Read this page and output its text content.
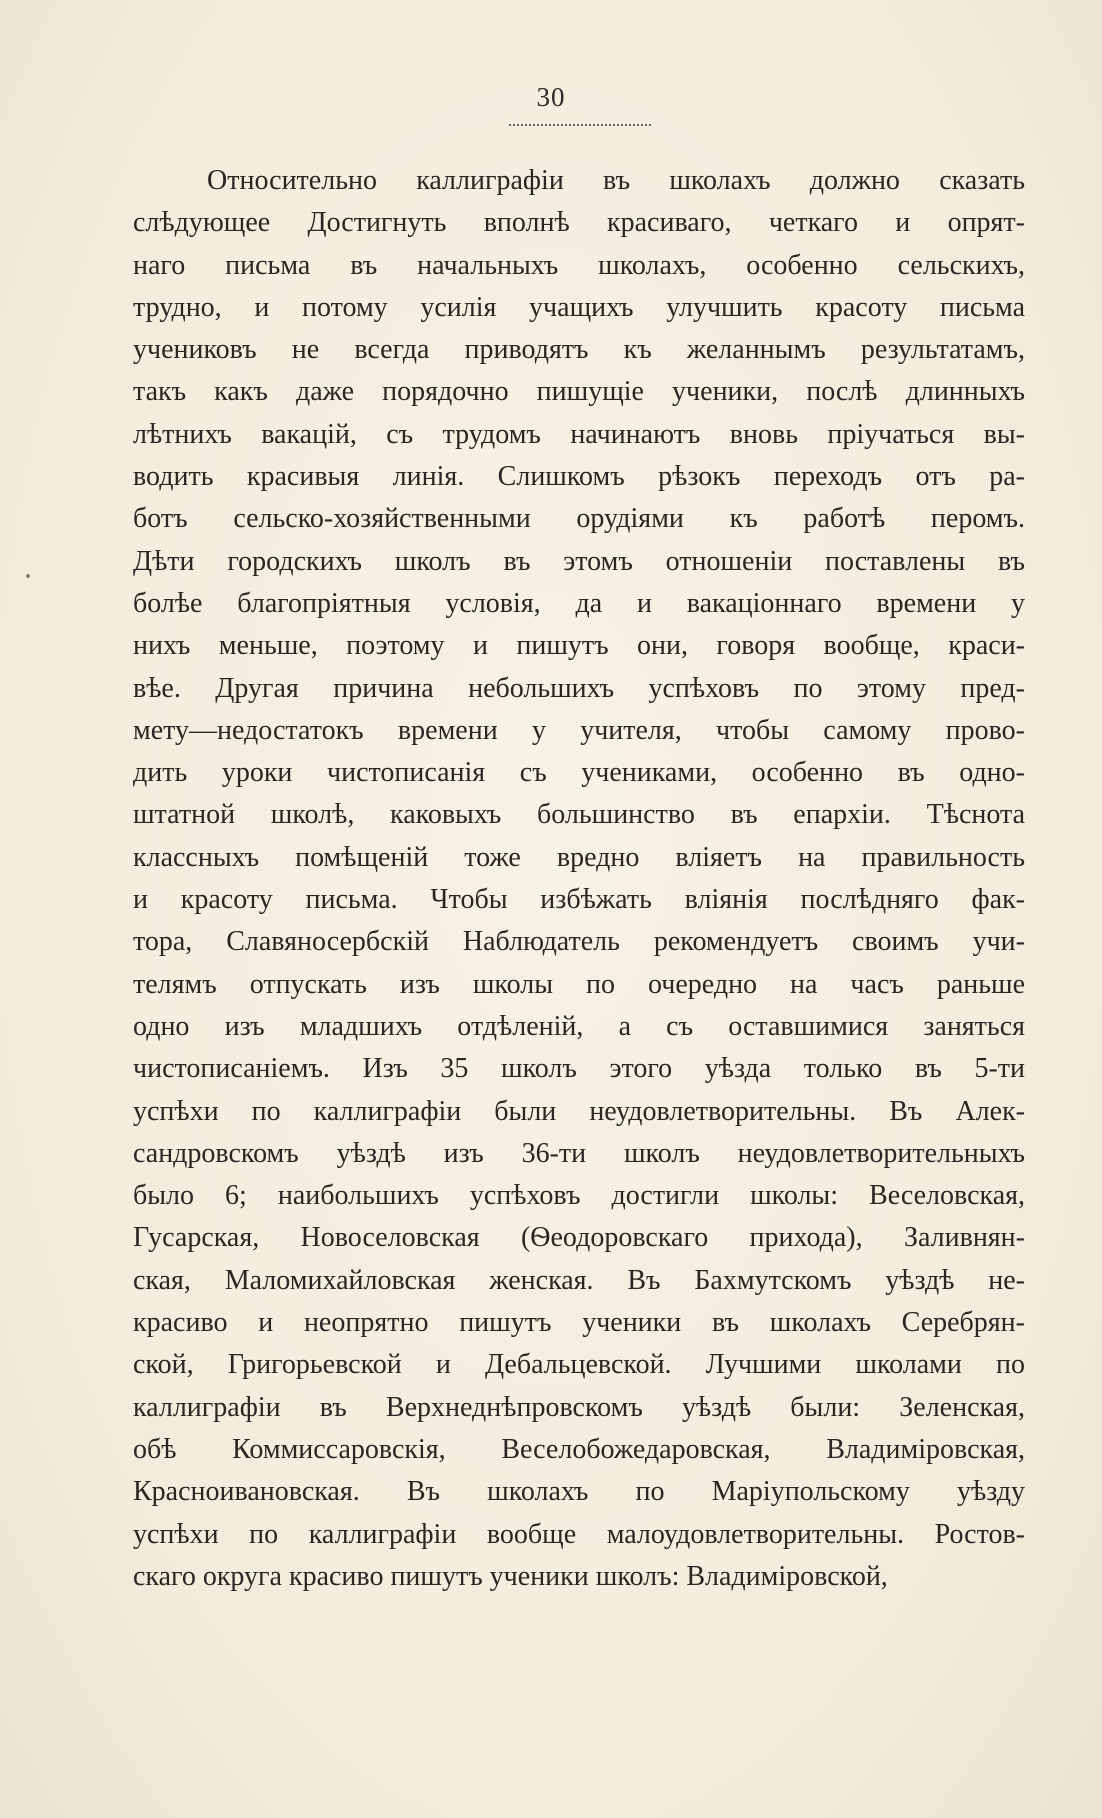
30
Относительно каллиграфіи въ школахъ должно сказать
слѣдующее Достигнуть вполнѣ красиваго, четкаго и опрят-
наго письма въ начальныхъ школахъ, особенно сельскихъ,
трудно, и потому усилія учащихъ улучшить красоту письма
учениковъ не всегда приводятъ къ желаннымъ результатамъ,
такъ какъ даже порядочно пишущіе ученики, послѣ длинныхъ
лѣтнихъ вакацій, съ трудомъ начинаютъ вновь пріучаться вы-
водить красивыя линія. Слишкомъ рѣзокъ переходъ отъ ра-
ботъ сельско-хозяйственными орудіями къ работѣ перомъ.
Дѣти городскихъ школъ въ этомъ отношеніи поставлены въ
болѣе благопріятныя условія, да и вакаціоннаго времени у
нихъ меньше, поэтому и пишутъ они, говоря вообще, краси-
вѣе. Другая причина небольшихъ успѣховъ по этому пред-
мету—недостатокъ времени у учителя, чтобы самому прово-
дить уроки чистописанія съ учениками, особенно въ одно-
штатной школѣ, каковыхъ большинство въ епархіи. Тѣснота
классныхъ помѣщеній тоже вредно вліяетъ на правильность
и красоту письма. Чтобы избѣжать вліянія послѣдняго фак-
тора, Славяносербскій Наблюдатель рекомендуетъ своимъ учи-
телямъ отпускать изъ школы по очередно на часъ раньше
одно изъ младшихъ отдѣленій, а съ оставшимися заняться
чистописаніемъ. Изъ 35 школъ этого уѣзда только въ 5-ти
успѣхи по каллиграфіи были неудовлетворительны. Въ Алек-
сандровскомъ уѣздѣ изъ 36-ти школъ неудовлетворительныхъ
было 6; наибольшихъ успѣховъ достигли школы: Веселовская,
Гусарская, Новоселовская (Ѳеодоровскаго прихода), Заливнян-
ская, Маломихайловская женская. Въ Бахмутскомъ уѣздѣ не-
красиво и неопрятно пишутъ ученики въ школахъ Серебрян-
ской, Григорьевской и Дебальцевской. Лучшими школами по
каллиграфіи въ Верхнеднѣпровскомъ уѣздѣ были: Зеленская,
обѣ Коммиссаровскія, Веселобожедаровская, Владиміровская,
Красноивановская. Въ школахъ по Маріупольскому уѣзду
успѣхи по каллиграфіи вообще малоудовлетворительны. Ростов-
скаго округа красиво пишутъ ученики школъ: Владиміровской,
